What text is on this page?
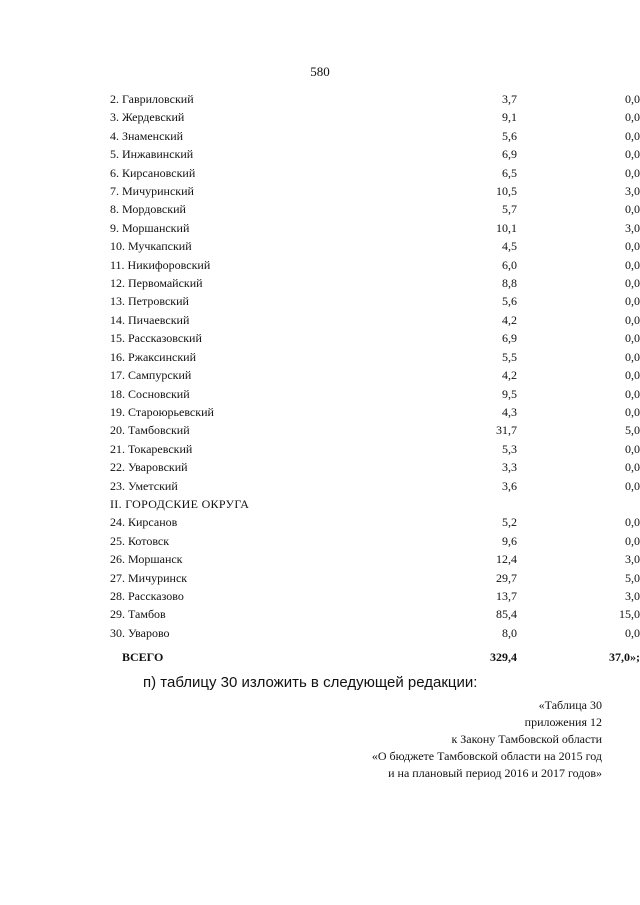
580
2. Гавриловский	3,7	0,0
3. Жердевский	9,1	0,0
4. Знаменский	5,6	0,0
5. Инжавинский	6,9	0,0
6. Кирсановский	6,5	0,0
7. Мичуринский	10,5	3,0
8. Мордовский	5,7	0,0
9. Моршанский	10,1	3,0
10. Мучкапский	4,5	0,0
11. Никифоровский	6,0	0,0
12. Первомайский	8,8	0,0
13. Петровский	5,6	0,0
14. Пичаевский	4,2	0,0
15. Рассказовский	6,9	0,0
16. Ржаксинский	5,5	0,0
17. Сампурский	4,2	0,0
18. Сосновский	9,5	0,0
19. Староюрьевский	4,3	0,0
20. Тамбовский	31,7	5,0
21. Токаревский	5,3	0,0
22. Уваровский	3,3	0,0
23. Уметский	3,6	0,0
II. ГОРОДСКИЕ ОКРУГА		
24. Кирсанов	5,2	0,0
25. Котовск	9,6	0,0
26. Моршанск	12,4	3,0
27. Мичуринск	29,7	5,0
28. Рассказово	13,7	3,0
29. Тамбов	85,4	15,0
30. Уварово	8,0	0,0
ВСЕГО	329,4	37,0»;
п) таблицу 30 изложить в следующей редакции:
«Таблица 30
приложения 12
к Закону Тамбовской области
«О бюджете Тамбовской области на 2015 год
и на плановый период 2016 и 2017 годов»
